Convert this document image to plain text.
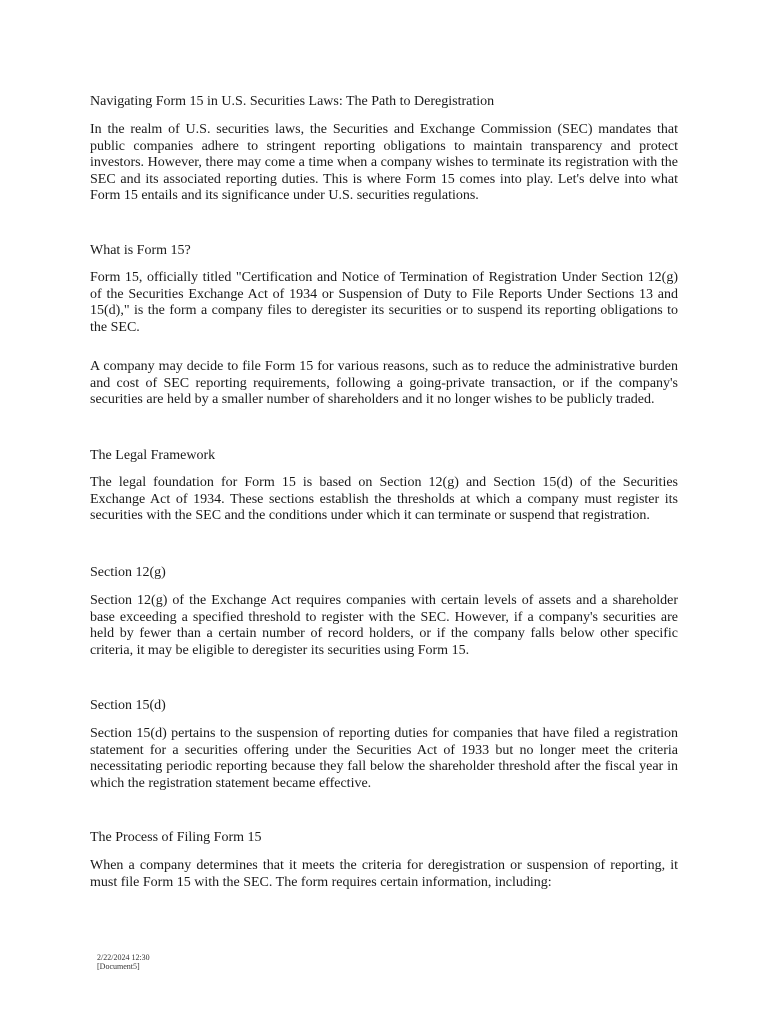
Navigating Form 15 in U.S. Securities Laws: The Path to Deregistration

In the realm of U.S. securities laws, the Securities and Exchange Commission (SEC) mandates that public companies adhere to stringent reporting obligations to maintain transparency and protect investors. However, there may come a time when a company wishes to terminate its registration with the SEC and its associated reporting duties. This is where Form 15 comes into play. Let's delve into what Form 15 entails and its significance under U.S. securities regulations.

What is Form 15?

Form 15, officially titled "Certification and Notice of Termination of Registration Under Section 12(g) of the Securities Exchange Act of 1934 or Suspension of Duty to File Reports Under Sections 13 and 15(d)," is the form a company files to deregister its securities or to suspend its reporting obligations to the SEC.

A company may decide to file Form 15 for various reasons, such as to reduce the administrative burden and cost of SEC reporting requirements, following a going-private transaction, or if the company's securities are held by a smaller number of shareholders and it no longer wishes to be publicly traded.

The Legal Framework

The legal foundation for Form 15 is based on Section 12(g) and Section 15(d) of the Securities Exchange Act of 1934. These sections establish the thresholds at which a company must register its securities with the SEC and the conditions under which it can terminate or suspend that registration.

Section 12(g)

Section 12(g) of the Exchange Act requires companies with certain levels of assets and a shareholder base exceeding a specified threshold to register with the SEC. However, if a company's securities are held by fewer than a certain number of record holders, or if the company falls below other specific criteria, it may be eligible to deregister its securities using Form 15.

Section 15(d)

Section 15(d) pertains to the suspension of reporting duties for companies that have filed a registration statement for a securities offering under the Securities Act of 1933 but no longer meet the criteria necessitating periodic reporting because they fall below the shareholder threshold after the fiscal year in which the registration statement became effective.

The Process of Filing Form 15

When a company determines that it meets the criteria for deregistration or suspension of reporting, it must file Form 15 with the SEC. The form requires certain information, including:

2/22/2024 12:30
[Document5]
